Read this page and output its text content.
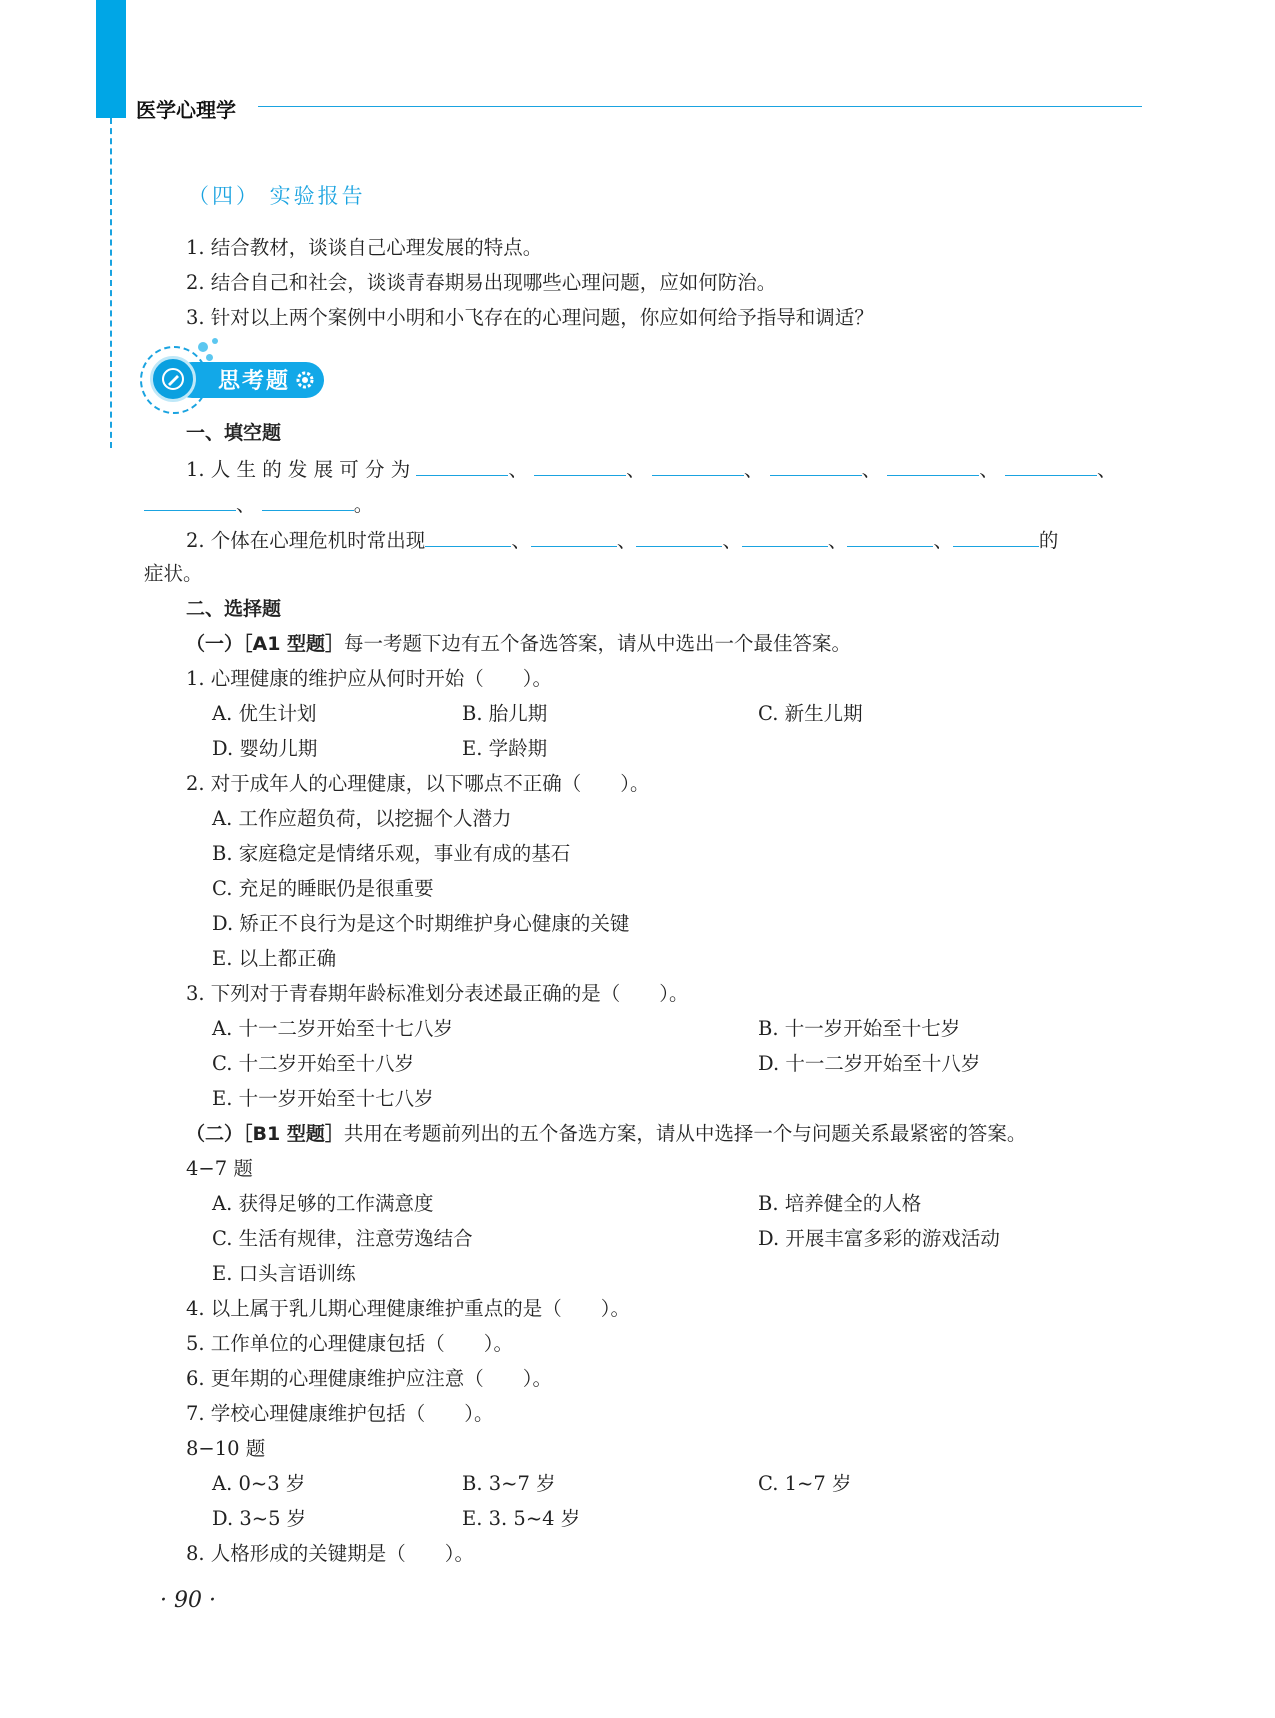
医学心理学
（四） 实验报告
1. 结合教材，谈谈自己心理发展的特点。
2. 结合自己和社会，谈谈青春期易出现哪些心理问题，应如何防治。
3. 针对以上两个案例中小明和小飞存在的心理问题，你应如何给予指导和调适？
思考题
一、填空题
1. 人 生 的 发 展 可 分 为	、	、	、	、	、	、
、	。
2. 个体在心理危机时常出现	、	、	、	、	、	的
症状。
二、选择题
（一）［A1 型题］每一考题下边有五个备选答案，请从中选出一个最佳答案。
1. 心理健康的维护应从何时开始（　　）。
A. 优生计划	B. 胎儿期	C. 新生儿期
D. 婴幼儿期	E. 学龄期
2. 对于成年人的心理健康，以下哪点不正确（　　）。
A. 工作应超负荷，以挖掘个人潜力
B. 家庭稳定是情绪乐观，事业有成的基石
C. 充足的睡眠仍是很重要
D. 矫正不良行为是这个时期维护身心健康的关键
E. 以上都正确
3. 下列对于青春期年龄标准划分表述最正确的是（　　）。
A. 十一二岁开始至十七八岁	B. 十一岁开始至十七岁
C. 十二岁开始至十八岁	D. 十一二岁开始至十八岁
E. 十一岁开始至十七八岁
（二）［B1 型题］共用在考题前列出的五个备选方案，请从中选择一个与问题关系最紧密的答案。
4−7 题
A. 获得足够的工作满意度	B. 培养健全的人格
C. 生活有规律，注意劳逸结合	D. 开展丰富多彩的游戏活动
E. 口头言语训练
4. 以上属于乳儿期心理健康维护重点的是（　　）。
5. 工作单位的心理健康包括（　　）。
6. 更年期的心理健康维护应注意（　　）。
7. 学校心理健康维护包括（　　）。
8−10 题
A. 0~3 岁	B. 3~7 岁	C. 1~7 岁
D. 3~5 岁	E. 3. 5~4 岁
8. 人格形成的关键期是（　　）。
· 90 ·
